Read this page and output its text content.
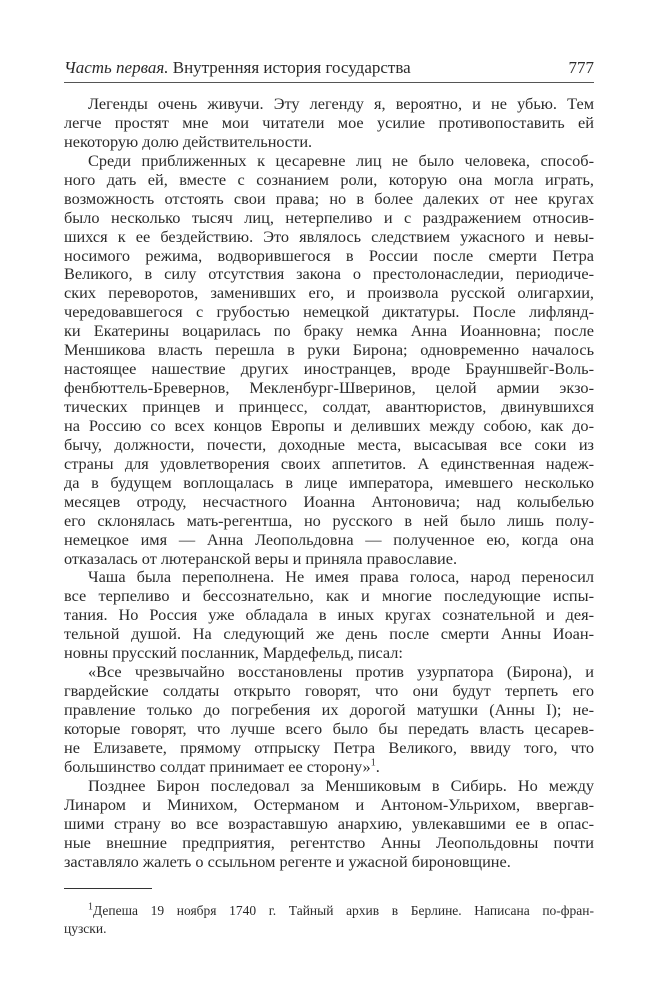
Часть первая. Внутренняя история государства	777
Легенды очень живучи. Эту легенду я, вероятно, и не убью. Тем
легче простят мне мои читатели мое усилие противопоставить ей
некоторую долю действительности.
Среди приближенных к цесаревне лиц не было человека, способ-
ного дать ей, вместе с сознанием роли, которую она могла играть,
возможность отстоять свои права; но в более далеких от нее кругах
было несколько тысяч лиц, нетерпеливо и с раздражением относив-
шихся к ее бездействию. Это являлось следствием ужасного и невы-
носимого режима, водворившегося в России после смерти Петра
Великого, в силу отсутствия закона о престолонаследии, периодиче-
ских переворотов, заменивших его, и произвола русской олигархии,
чередовавшегося с грубостью немецкой диктатуры. После лифлянд-
ки Екатерины воцарилась по браку немка Анна Иоанновна; после
Меншикова власть перешла в руки Бирона; одновременно началось
настоящее нашествие других иностранцев, вроде Брауншвейг-Воль-
фенбюттель-Бревернов, Мекленбург-Шверинов, целой армии экзо-
тических принцев и принцесс, солдат, авантюристов, двинувшихся
на Россию со всех концов Европы и деливших между собою, как до-
бычу, должности, почести, доходные места, высасывая все соки из
страны для удовлетворения своих аппетитов. А единственная надеж-
да в будущем воплощалась в лице императора, имевшего несколько
месяцев отроду, несчастного Иоанна Антоновича; над колыбелью
его склонялась мать-регентша, но русского в ней было лишь полу-
немецкое имя — Анна Леопольдовна — полученное ею, когда она
отказалась от лютеранской веры и приняла православие.
Чаша была переполнена. Не имея права голоса, народ переносил
все терпеливо и бессознательно, как и многие последующие испы-
тания. Но Россия уже обладала в иных кругах сознательной и дея-
тельной душой. На следующий же день после смерти Анны Иоан-
новны прусский посланник, Мардефельд, писал:
«Все чрезвычайно восстановлены против узурпатора (Бирона), и
гвардейские солдаты открыто говорят, что они будут терпеть его
правление только до погребения их дорогой матушки (Анны I); не-
которые говорят, что лучше всего было бы передать власть цесарев-
не Елизавете, прямому отпрыску Петра Великого, ввиду того, что
большинство солдат принимает ее сторону»$^1$.
Позднее Бирон последовал за Меншиковым в Сибирь. Но между
Линаром и Минихом, Остерманом и Антоном-Ульрихом, ввергав-
шими страну во все возраставшую анархию, увлекавшими ее в опас-
ные внешние предприятия, регентство Анны Леопольдовны почти
заставляло жалеть о ссыльном регенте и ужасной бироновщине.
$^1$Депеша 19 ноября 1740 г. Тайный архив в Берлине. Написана по-фран-
цузски.
